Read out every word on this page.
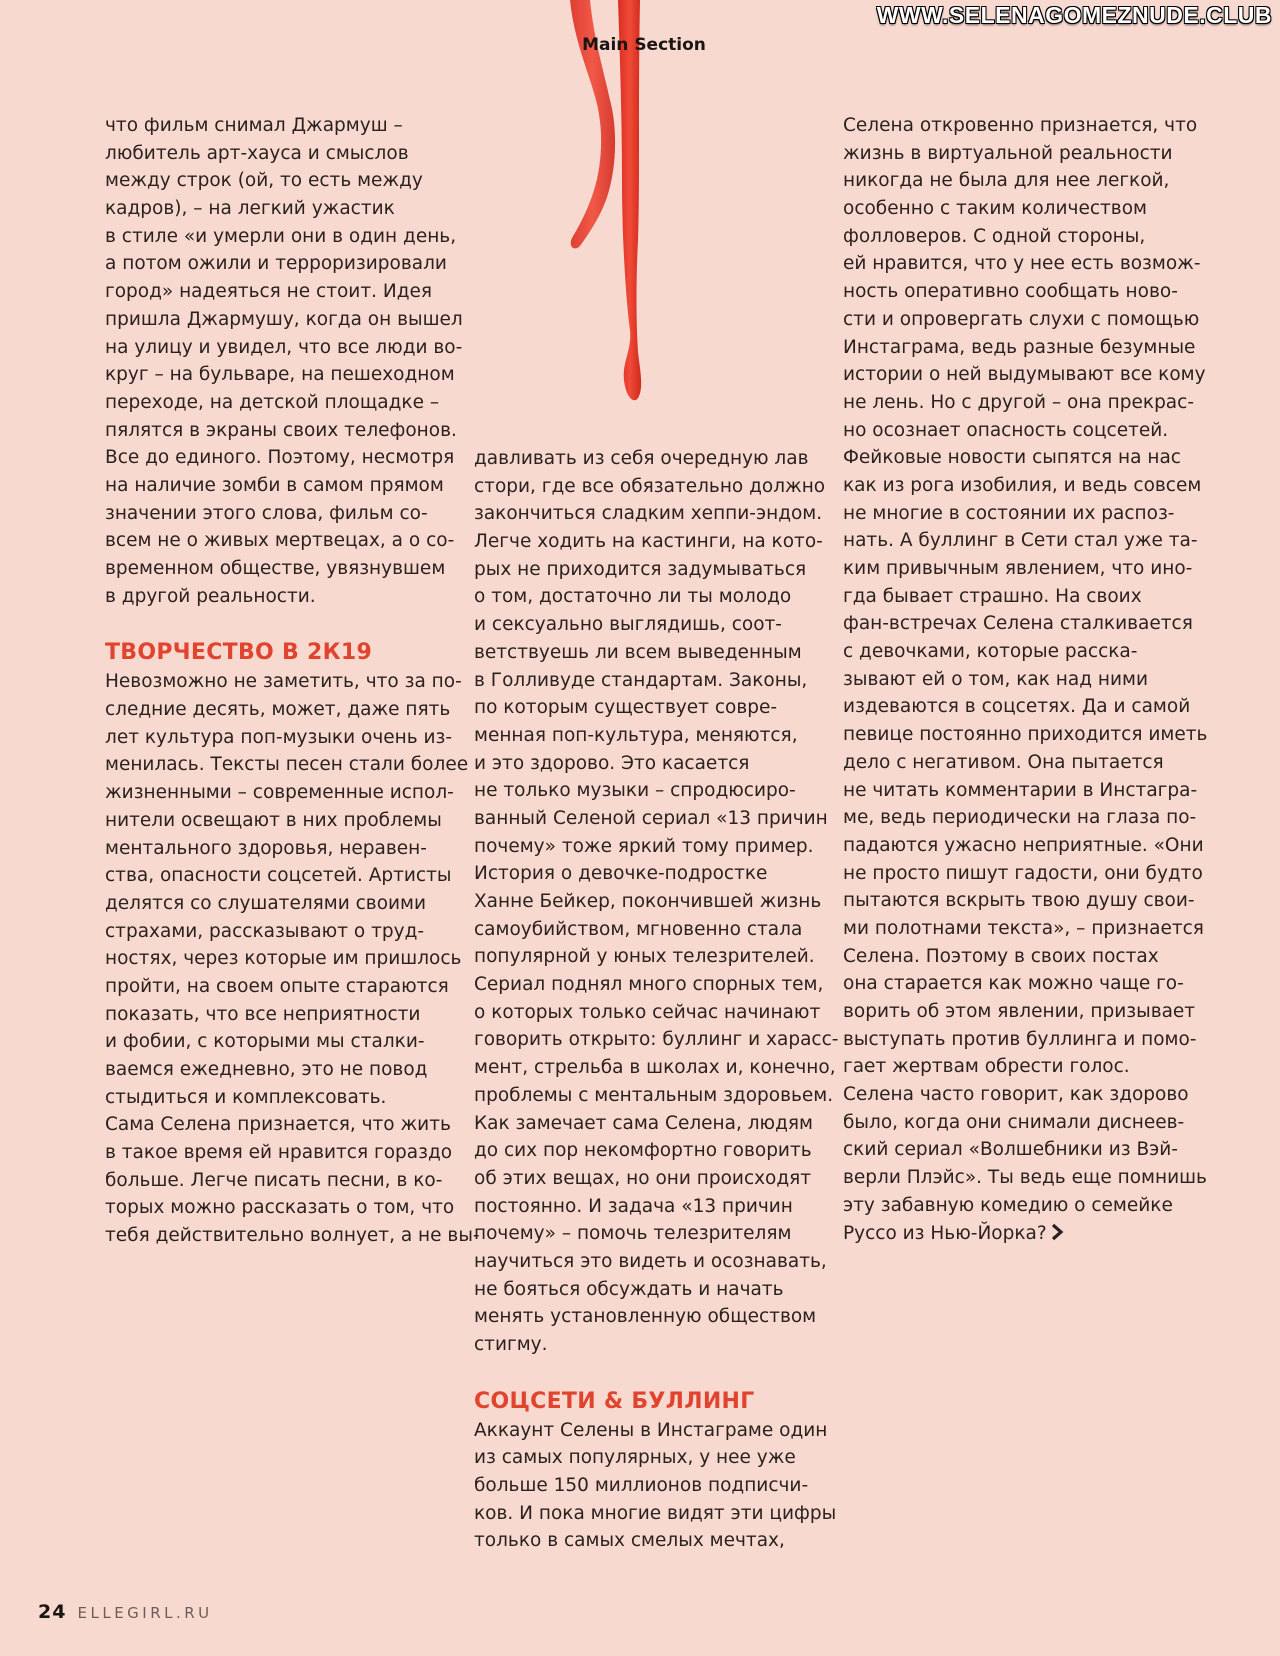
WWW.SELENAGOMEZNUDE.CLUB
Main Section
что фильм снимал Джармуш –
любитель арт-хауса и смыслов
между строк (ой, то есть между
кадров), – на легкий ужастик
в стиле «и умерли они в один день,
а потом ожили и терроризировали
город» надеяться не стоит. Идея
пришла Джармушу, когда он вышел
на улицу и увидел, что все люди во-
круг – на бульваре, на пешеходном
переходе, на детской площадке –
пялятся в экраны своих телефонов.
Все до единого. Поэтому, несмотря
на наличие зомби в самом прямом
значении этого слова, фильм со-
всем не о живых мертвецах, а о со-
временном обществе, увязнувшем
в другой реальности.
ТВОРЧЕСТВО В 2К19
Невозможно не заметить, что за по-
следние десять, может, даже пять
лет культура поп-музыки очень из-
менилась. Тексты песен стали более
жизненными – современные испол-
нители освещают в них проблемы
ментального здоровья, неравен-
ства, опасности соцсетей. Артисты
делятся со слушателями своими
страхами, рассказывают о труд-
ностях, через которые им пришлось
пройти, на своем опыте стараются
показать, что все неприятности
и фобии, с которыми мы сталки-
ваемся ежедневно, это не повод
стыдиться и комплексовать.
Сама Селена признается, что жить
в такое время ей нравится гораздо
больше. Легче писать песни, в ко-
торых можно рассказать о том, что
тебя действительно волнует, а не вы-
давливать из себя очередную лав
стори, где все обязательно должно
закончиться сладким хеппи-эндом.
Легче ходить на кастинги, на кото-
рых не приходится задумываться
о том, достаточно ли ты молодо
и сексуально выглядишь, соот-
ветствуешь ли всем выведенным
в Голливуде стандартам. Законы,
по которым существует совре-
менная поп-культура, меняются,
и это здорово. Это касается
не только музыки – спродюсиро-
ванный Селеной сериал «13 причин
почему» тоже яркий тому пример.
История о девочке-подростке
Ханне Бейкер, покончившей жизнь
самоубийством, мгновенно стала
популярной у юных телезрителей.
Сериал поднял много спорных тем,
о которых только сейчас начинают
говорить открыто: буллинг и харасс-
мент, стрельба в школах и, конечно,
проблемы с ментальным здоровьем.
Как замечает сама Селена, людям
до сих пор некомфортно говорить
об этих вещах, но они происходят
постоянно. И задача «13 причин
почему» – помочь телезрителям
научиться это видеть и осознавать,
не бояться обсуждать и начать
менять установленную обществом
стигму.
СОЦСЕТИ & БУЛЛИНГ
Аккаунт Селены в Инстаграме один
из самых популярных, у нее уже
больше 150 миллионов подписчи-
ков. И пока многие видят эти цифры
только в самых смелых мечтах,
Селена откровенно признается, что
жизнь в виртуальной реальности
никогда не была для нее легкой,
особенно с таким количеством
фолловеров. С одной стороны,
ей нравится, что у нее есть возмож-
ность оперативно сообщать ново-
сти и опровергать слухи с помощью
Инстаграма, ведь разные безумные
истории о ней выдумывают все кому
не лень. Но с другой – она прекрас-
но осознает опасность соцсетей.
Фейковые новости сыпятся на нас
как из рога изобилия, и ведь совсем
не многие в состоянии их распоз-
нать. А буллинг в Сети стал уже та-
ким привычным явлением, что ино-
гда бывает страшно. На своих
фан-встречах Селена сталкивается
с девочками, которые расска-
зывают ей о том, как над ними
издеваются в соцсетях. Да и самой
певице постоянно приходится иметь
дело с негативом. Она пытается
не читать комментарии в Инстагра-
ме, ведь периодически на глаза по-
падаются ужасно неприятные. «Они
не просто пишут гадости, они будто
пытаются вскрыть твою душу свои-
ми полотнами текста», – признается
Селена. Поэтому в своих постах
она старается как можно чаще го-
ворить об этом явлении, призывает
выступать против буллинга и помо-
гает жертвам обрести голос.
Селена часто говорит, как здорово
было, когда они снимали диснеев-
ский сериал «Волшебники из Вэй-
верли Плэйс». Ты ведь еще помнишь
эту забавную комедию о семейке
Руссо из Нью-Йорка?
24 ELLEGIRL.RU
